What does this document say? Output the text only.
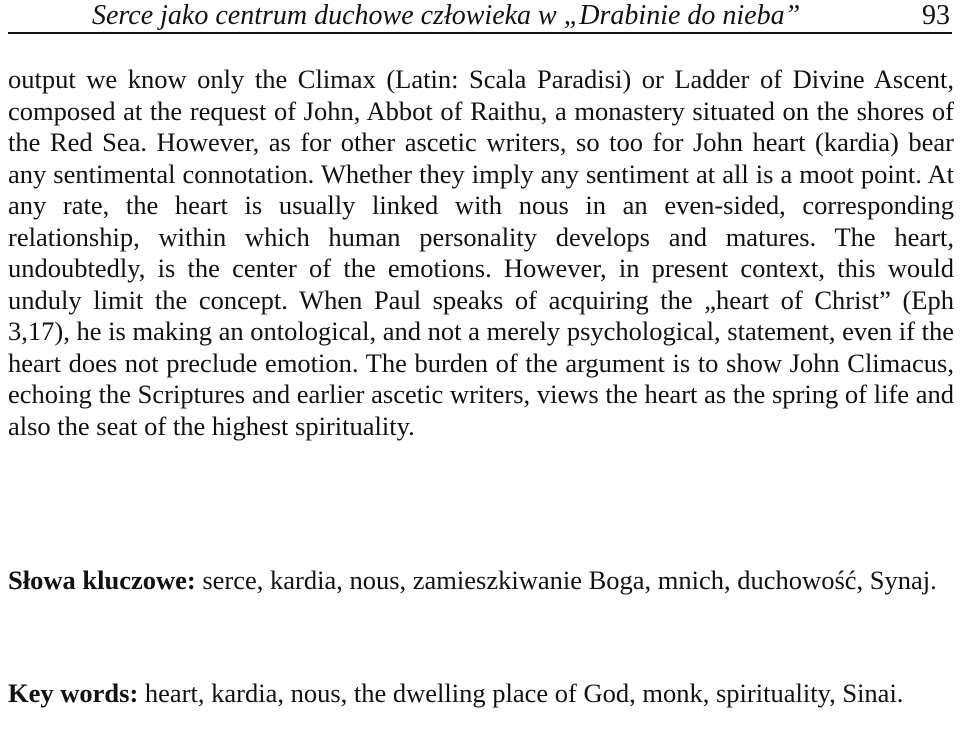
Serce jako centrum duchowe człowieka w „Drabinie do nieba”	93

output we know only the Climax (Latin: Scala Paradisi) or Ladder of Divine Ascent, composed at the request of John, Abbot of Raithu, a monastery situated on the shores of the Red Sea. However, as for other ascetic writers, so too for John heart (kardia) bear any sentimental connotation. Whether they imply any sentiment at all is a moot point. At any rate, the heart is usually linked with nous in an even-sided, corresponding relationship, within which human personality develops and matures. The heart, undoubtedly, is the center of the emotions. However, in present context, this would unduly limit the concept. When Paul speaks of acquiring the „heart of Christ” (Eph 3,17), he is making an ontological, and not a merely psychological, statement, even if the heart does not preclude emotion. The burden of the argument is to show John Climacus, echoing the Scriptures and earlier ascetic writers, views the heart as the spring of life and also the seat of the highest spirituality.

Słowa kluczowe: serce, kardia, nous, zamieszkiwanie Boga, mnich, duchowość, Synaj.

Key words: heart, kardia, nous, the dwelling place of God, monk, spirituality, Sinai.
